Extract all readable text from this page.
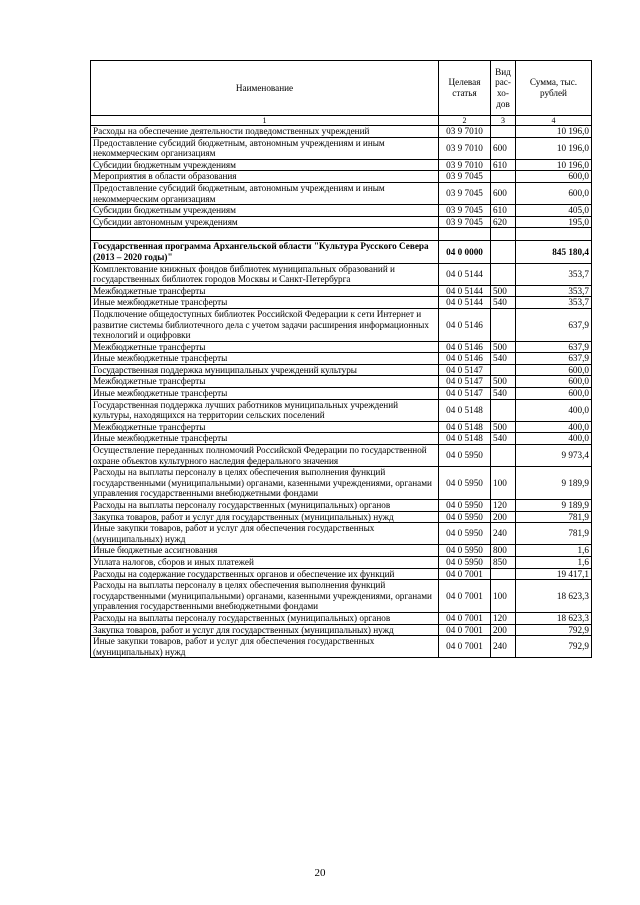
Наименование	Целевая статья	Вид рас-хо-дов	Сумма, тыс. рублей
1	2	3	4
Расходы на обеспечение деятельности подведомственных учреждений	03 9 7010		10 196,0
Предоставление субсидий бюджетным, автономным учреждениям и иным некоммерческим организациям	03 9 7010	600	10 196,0
Субсидии бюджетным учреждениям	03 9 7010	610	10 196,0
Мероприятия в области образования	03 9 7045		600,0
Предоставление субсидий бюджетным, автономным учреждениям и иным некоммерческим организациям	03 9 7045	600	600,0
Субсидии бюджетным учреждениям	03 9 7045	610	405,0
Субсидии автономным учреждениям	03 9 7045	620	195,0

Государственная программа Архангельской области "Культура Русского Севера (2013 – 2020 годы)"	04 0 0000		845 180,4
Комплектование книжных фондов библиотек муниципальных образований и государственных библиотек городов Москвы и Санкт-Петербурга	04 0 5144		353,7
Межбюджетные трансферты	04 0 5144	500	353,7
Иные межбюджетные трансферты	04 0 5144	540	353,7
Подключение общедоступных библиотек Российской Федерации к сети Интернет и развитие системы библиотечного дела с учетом задачи расширения информационных технологий и оцифровки	04 0 5146		637,9
Межбюджетные трансферты	04 0 5146	500	637,9
Иные межбюджетные трансферты	04 0 5146	540	637,9
Государственная поддержка муниципальных учреждений культуры	04 0 5147		600,0
Межбюджетные трансферты	04 0 5147	500	600,0
Иные межбюджетные трансферты	04 0 5147	540	600,0
Государственная поддержка лучших работников муниципальных учреждений культуры, находящихся на территории сельских поселений	04 0 5148		400,0
Межбюджетные трансферты	04 0 5148	500	400,0
Иные межбюджетные трансферты	04 0 5148	540	400,0
Осуществление переданных полномочий Российской Федерации по государственной охране объектов культурного наследия федерального значения	04 0 5950		9 973,4
Расходы на выплаты персоналу в целях обеспечения выполнения функций государственными (муниципальными) органами, казенными учреждениями, органами управления государственными внебюджетными фондами	04 0 5950	100	9 189,9
Расходы на выплаты персоналу государственных (муниципальных) органов	04 0 5950	120	9 189,9
Закупка товаров, работ и услуг для государственных (муниципальных) нужд	04 0 5950	200	781,9
Иные закупки товаров, работ и услуг для обеспечения государственных (муниципальных) нужд	04 0 5950	240	781,9
Иные бюджетные ассигнования	04 0 5950	800	1,6
Уплата налогов, сборов и иных платежей	04 0 5950	850	1,6
Расходы на содержание государственных органов и обеспечение их функций	04 0 7001		19 417,1
Расходы на выплаты персоналу в целях обеспечения выполнения функций государственными (муниципальными) органами, казенными учреждениями, органами управления государственными внебюджетными фондами	04 0 7001	100	18 623,3
Расходы на выплаты персоналу государственных (муниципальных) органов	04 0 7001	120	18 623,3
Закупка товаров, работ и услуг для государственных (муниципальных) нужд	04 0 7001	200	792,9
Иные закупки товаров, работ и услуг для обеспечения государственных (муниципальных) нужд	04 0 7001	240	792,9
20
